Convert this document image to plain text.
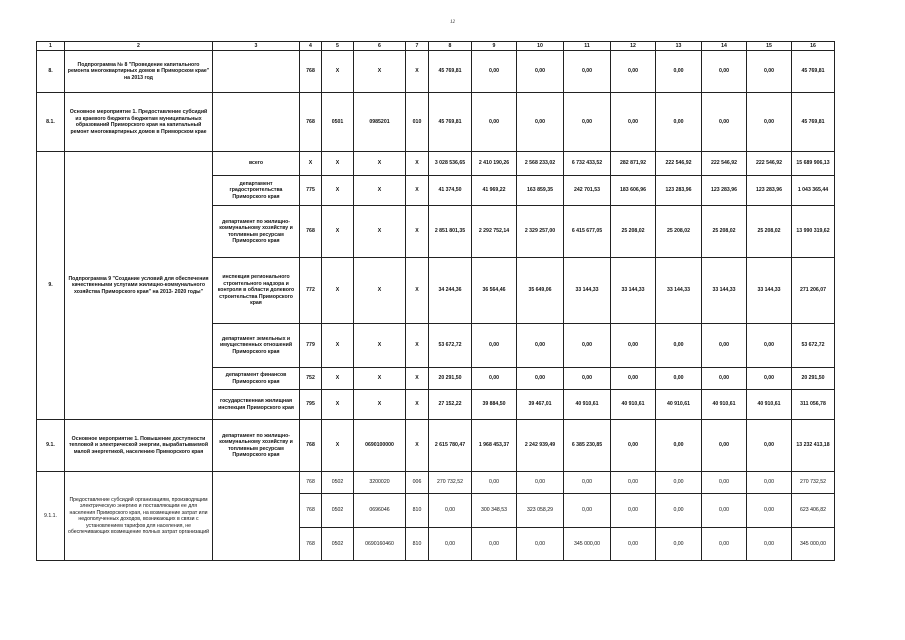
12
1	2	3	4	5	6	7	8	9	10	11	12	13	14	15	16
8.	Подпрограмма № 8 "Проведение капитального ремонта многоквартирных домов в Приморском крае" на 2013 год		768	Х	Х	Х	45 769,81	0,00	0,00	0,00	0,00	0,00	0,00	0,00	45 769,81
8.1.	Основное мероприятие 1. Предоставление субсидий из краевого бюджета бюджетам муниципальных образований Приморского края на капитальный ремонт многоквартирных домов в Приморском крае		768	0501	0985201	010	45 769,81	0,00	0,00	0,00	0,00	0,00	0,00	0,00	45 769,81
9.	Подпрограмма 9 "Создание условий для обеспечения качественными услугами жилищно-коммунального хозяйства Приморского края" на 2013- 2020 годы"	всего	Х	Х	Х	Х	3 028 536,65	2 410 190,26	2 568 233,02	6 732 433,52	282 871,92	222 546,92	222 546,92	222 546,92	15 689 906,13
		департамент градостроительства Приморского края	775	Х	Х	Х	41 374,50	41 969,22	163 859,35	242 701,53	183 606,96	123 283,96	123 283,96	123 283,96	1 043 365,44
		департамент по жилищно-коммунальному хозяйству и топливным ресурсам Приморского края	768	Х	Х	Х	2 851 801,35	2 292 752,14	2 329 257,00	6 415 677,05	25 208,02	25 208,02	25 208,02	25 208,02	13 990 319,62
		инспекция регионального строительного надзора и контроля в области долевого строительства Приморского края	772	Х	Х	Х	34 244,36	36 564,46	35 649,06	33 144,33	33 144,33	33 144,33	33 144,33	33 144,33	271 206,07
		департамент земельных и имущественных отношений Приморского края	779	Х	Х	Х	53 672,72	0,00	0,00	0,00	0,00	0,00	0,00	0,00	53 672,72
		департамент финансов Приморского края	752	Х	Х	Х	20 291,50	0,00	0,00	0,00	0,00	0,00	0,00	0,00	20 291,50
		государственная жилищная инспекция Приморского края	795	Х	Х	Х	27 152,22	39 884,50	39 467,01	40 910,61	40 910,61	40 910,61	40 910,61	40 910,61	311 056,78
9.1.	Основное мероприятие 1. Повышение доступности тепловой и электрической энергии, вырабатываемой малой энергетикой, населению Приморского края	департамент по жилищно-коммунальному хозяйству и топливным ресурсам Приморского края	768	Х	0690100000	Х	2 615 780,47	1 968 453,37	2 242 939,49	6 385 230,85	0,00	0,00	0,00	0,00	13 232 413,18
9.1.1.	Предоставление субсидий организациям, производящим электрическую энергию и поставляющим ее для населения Приморского края, на возмещение затрат или недополученных доходов, возникающих в связи с установлением тарифов для населения, не обеспечивающих возмещение полных затрат организаций		768	0502	3200020	006	270 732,52	0,00	0,00	0,00	0,00	0,00	0,00	0,00	270 732,52
			768	0502	0696046	810	0,00	300 348,53	323 058,29	0,00	0,00	0,00	0,00	0,00	623 406,82
			768	0502	0690160460	810	0,00	0,00	0,00	345 000,00	0,00	0,00	0,00	0,00	345 000,00
